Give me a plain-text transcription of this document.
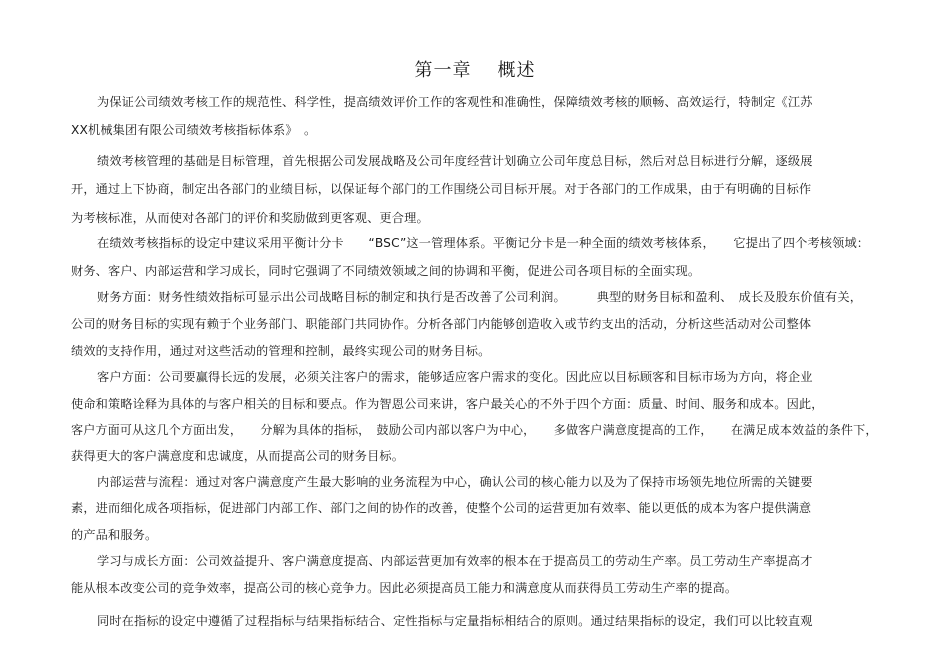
第一章 概述
为保证公司绩效考核工作的规范性、科学性，提高绩效评价工作的客观性和准确性，保障绩效考核的顺畅、高效运行，特制定《江苏
XX机械集团有限公司绩效考核指标体系》　。
绩效考核管理的基础是目标管理，首先根据公司发展战略及公司年度经营计划确立公司年度总目标，然后对总目标进行分解，逐级展
开，通过上下协商，制定出各部门的业绩目标，以保证每个部门的工作围绕公司目标开展。对于各部门的工作成果，由于有明确的目标作
为考核标准，从而使对各部门的评价和奖励做到更客观、更合理。
在绩效考核指标的设定中建议采用平衡计分卡　　“BSC”这一管理体系。平衡记分卡是一种全面的绩效考核体系，　　它提出了四个考核领域：
财务、客户、内部运营和学习成长，同时它强调了不同绩效领域之间的协调和平衡，促进公司各项目标的全面实现。
财务方面：财务性绩效指标可显示出公司战略目标的制定和执行是否改善了公司利润。　　　典型的财务目标和盈利、　成长及股东价值有关，
公司的财务目标的实现有赖于个业务部门、职能部门共同协作。分析各部门内能够创造收入或节约支出的活动，分析这些活动对公司整体
绩效的支持作用，通过对这些活动的管理和控制，最终实现公司的财务目标。
客户方面：公司要赢得长远的发展，必须关注客户的需求，能够适应客户需求的变化。因此应以目标顾客和目标市场为方向，将企业
使命和策略诠释为具体的与客户相关的目标和要点。作为智恩公司来讲，客户最关心的不外于四个方面：质量、时间、服务和成本。因此，
客户方面可从这几个方面出发，　　分解为具体的指标，　鼓励公司内部以客户为中心，　　多做客户满意度提高的工作，　　在满足成本效益的条件下，
获得更大的客户满意度和忠诚度，从而提高公司的财务目标。
内部运营与流程：通过对客户满意度产生最大影响的业务流程为中心，确认公司的核心能力以及为了保持市场领先地位所需的关键要
素，进而细化成各项指标，促进部门内部工作、部门之间的协作的改善，使整个公司的运营更加有效率、能以更低的成本为客户提供满意
的产品和服务。
学习与成长方面：公司效益提升、客户满意度提高、内部运营更加有效率的根本在于提高员工的劳动生产率。员工劳动生产率提高才
能从根本改变公司的竞争效率，提高公司的核心竞争力。因此必须提高员工能力和满意度从而获得员工劳动生产率的提高。
同时在指标的设定中遵循了过程指标与结果指标结合、定性指标与定量指标相结合的原则。通过结果指标的设定，我们可以比较直观
